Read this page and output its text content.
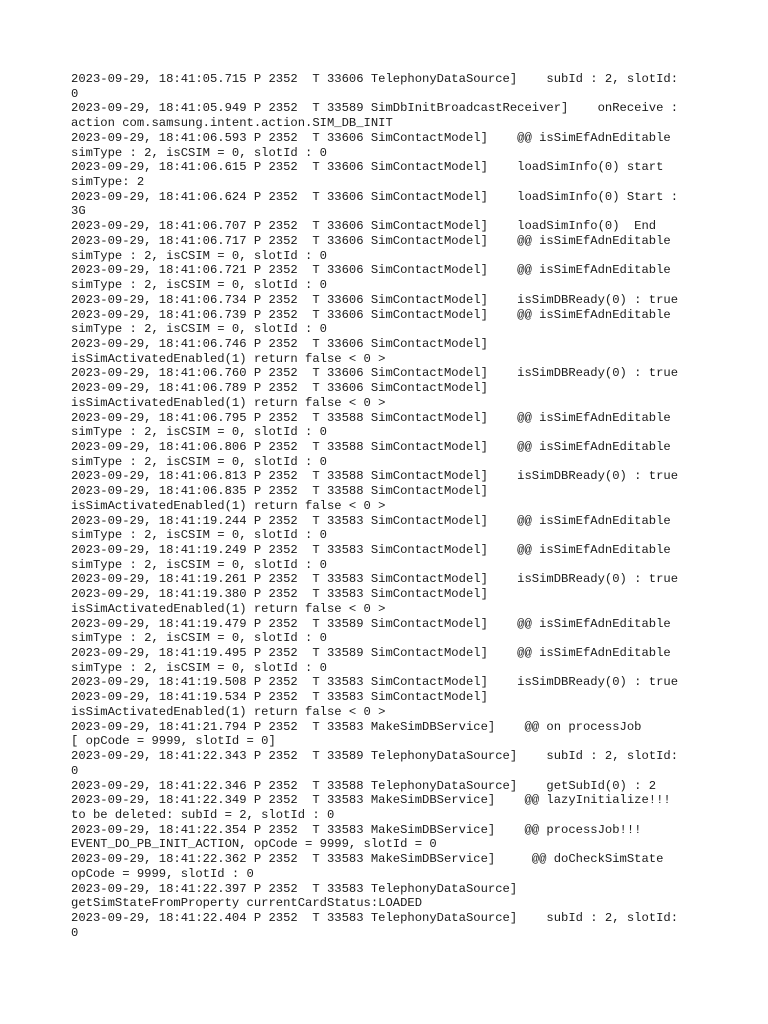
2023-09-29, 18:41:05.715 P 2352  T 33606 TelephonyDataSource]    subId : 2, slotId:
0
2023-09-29, 18:41:05.949 P 2352  T 33589 SimDbInitBroadcastReceiver]    onReceive :
action com.samsung.intent.action.SIM_DB_INIT
2023-09-29, 18:41:06.593 P 2352  T 33606 SimContactModel]    @@ isSimEfAdnEditable
simType : 2, isCSIM = 0, slotId : 0
2023-09-29, 18:41:06.615 P 2352  T 33606 SimContactModel]    loadSimInfo(0) start
simType: 2
2023-09-29, 18:41:06.624 P 2352  T 33606 SimContactModel]    loadSimInfo(0) Start :
3G
2023-09-29, 18:41:06.707 P 2352  T 33606 SimContactModel]    loadSimInfo(0)  End
2023-09-29, 18:41:06.717 P 2352  T 33606 SimContactModel]    @@ isSimEfAdnEditable
simType : 2, isCSIM = 0, slotId : 0
2023-09-29, 18:41:06.721 P 2352  T 33606 SimContactModel]    @@ isSimEfAdnEditable
simType : 2, isCSIM = 0, slotId : 0
2023-09-29, 18:41:06.734 P 2352  T 33606 SimContactModel]    isSimDBReady(0) : true
2023-09-29, 18:41:06.739 P 2352  T 33606 SimContactModel]    @@ isSimEfAdnEditable
simType : 2, isCSIM = 0, slotId : 0
2023-09-29, 18:41:06.746 P 2352  T 33606 SimContactModel]
isSimActivatedEnabled(1) return false < 0 >
2023-09-29, 18:41:06.760 P 2352  T 33606 SimContactModel]    isSimDBReady(0) : true
2023-09-29, 18:41:06.789 P 2352  T 33606 SimContactModel]
isSimActivatedEnabled(1) return false < 0 >
2023-09-29, 18:41:06.795 P 2352  T 33588 SimContactModel]    @@ isSimEfAdnEditable
simType : 2, isCSIM = 0, slotId : 0
2023-09-29, 18:41:06.806 P 2352  T 33588 SimContactModel]    @@ isSimEfAdnEditable
simType : 2, isCSIM = 0, slotId : 0
2023-09-29, 18:41:06.813 P 2352  T 33588 SimContactModel]    isSimDBReady(0) : true
2023-09-29, 18:41:06.835 P 2352  T 33588 SimContactModel]
isSimActivatedEnabled(1) return false < 0 >
2023-09-29, 18:41:19.244 P 2352  T 33583 SimContactModel]    @@ isSimEfAdnEditable
simType : 2, isCSIM = 0, slotId : 0
2023-09-29, 18:41:19.249 P 2352  T 33583 SimContactModel]    @@ isSimEfAdnEditable
simType : 2, isCSIM = 0, slotId : 0
2023-09-29, 18:41:19.261 P 2352  T 33583 SimContactModel]    isSimDBReady(0) : true
2023-09-29, 18:41:19.380 P 2352  T 33583 SimContactModel]
isSimActivatedEnabled(1) return false < 0 >
2023-09-29, 18:41:19.479 P 2352  T 33589 SimContactModel]    @@ isSimEfAdnEditable
simType : 2, isCSIM = 0, slotId : 0
2023-09-29, 18:41:19.495 P 2352  T 33589 SimContactModel]    @@ isSimEfAdnEditable
simType : 2, isCSIM = 0, slotId : 0
2023-09-29, 18:41:19.508 P 2352  T 33583 SimContactModel]    isSimDBReady(0) : true
2023-09-29, 18:41:19.534 P 2352  T 33583 SimContactModel]
isSimActivatedEnabled(1) return false < 0 >
2023-09-29, 18:41:21.794 P 2352  T 33583 MakeSimDBService]    @@ on processJob
[ opCode = 9999, slotId = 0]
2023-09-29, 18:41:22.343 P 2352  T 33589 TelephonyDataSource]    subId : 2, slotId:
0
2023-09-29, 18:41:22.346 P 2352  T 33588 TelephonyDataSource]    getSubId(0) : 2
2023-09-29, 18:41:22.349 P 2352  T 33583 MakeSimDBService]    @@ lazyInitialize!!!
to be deleted: subId = 2, slotId : 0
2023-09-29, 18:41:22.354 P 2352  T 33583 MakeSimDBService]    @@ processJob!!!
EVENT_DO_PB_INIT_ACTION, opCode = 9999, slotId = 0
2023-09-29, 18:41:22.362 P 2352  T 33583 MakeSimDBService]     @@ doCheckSimState
opCode = 9999, slotId : 0
2023-09-29, 18:41:22.397 P 2352  T 33583 TelephonyDataSource]
getSimStateFromProperty currentCardStatus:LOADED
2023-09-29, 18:41:22.404 P 2352  T 33583 TelephonyDataSource]    subId : 2, slotId:
0
